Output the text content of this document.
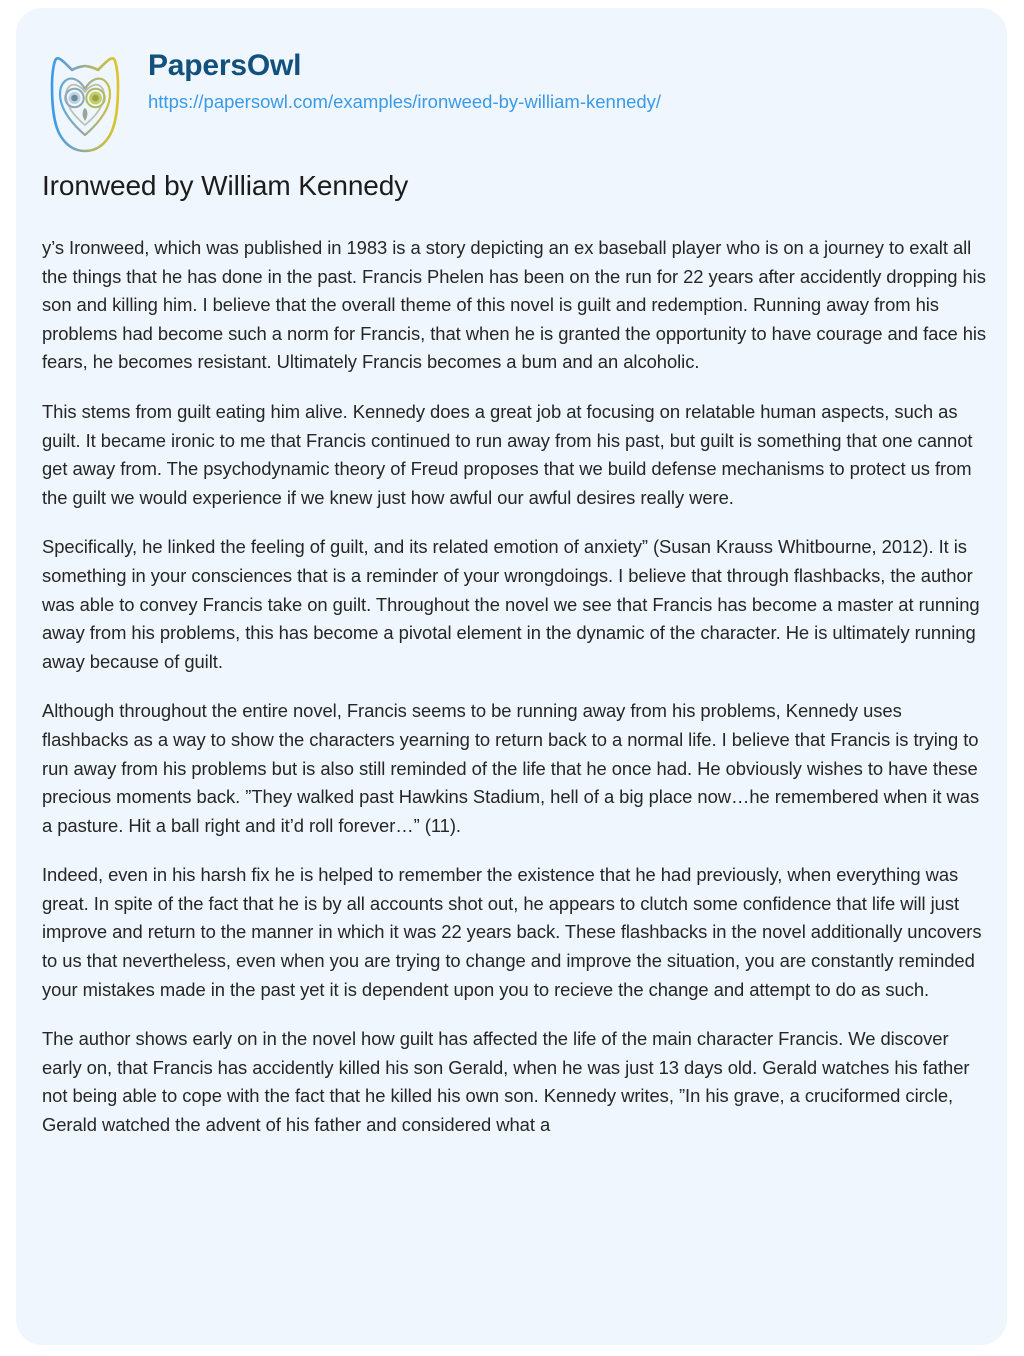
PapersOwl
https://papersowl.com/examples/ironweed-by-william-kennedy/
Ironweed by William Kennedy

y’s Ironweed, which was published in 1983 is a story depicting an ex baseball player who is on a journey to exalt all the things that he has done in the past. Francis Phelen has been on the run for 22 years after accidently dropping his son and killing him. I believe that the overall theme of this novel is guilt and redemption. Running away from his problems had become such a norm for Francis, that when he is granted the opportunity to have courage and face his fears, he becomes resistant. Ultimately Francis becomes a bum and an alcoholic.

This stems from guilt eating him alive. Kennedy does a great job at focusing on relatable human aspects, such as guilt. It became ironic to me that Francis continued to run away from his past, but guilt is something that one cannot get away from. The psychodynamic theory of Freud proposes that we build defense mechanisms to protect us from the guilt we would experience if we knew just how awful our awful desires really were.

Specifically, he linked the feeling of guilt, and its related emotion of anxiety” (Susan Krauss Whitbourne, 2012). It is something in your consciences that is a reminder of your wrongdoings. I believe that through flashbacks, the author was able to convey Francis take on guilt. Throughout the novel we see that Francis has become a master at running away from his problems, this has become a pivotal element in the dynamic of the character. He is ultimately running away because of guilt.

Although throughout the entire novel, Francis seems to be running away from his problems, Kennedy uses flashbacks as a way to show the characters yearning to return back to a normal life. I believe that Francis is trying to run away from his problems but is also still reminded of the life that he once had. He obviously wishes to have these precious moments back. ”They walked past Hawkins Stadium, hell of a big place now…he remembered when it was a pasture. Hit a ball right and it’d roll forever…” (11).

Indeed, even in his harsh fix he is helped to remember the existence that he had previously, when everything was great. In spite of the fact that he is by all accounts shot out, he appears to clutch some confidence that life will just improve and return to the manner in which it was 22 years back. These flashbacks in the novel additionally uncovers to us that nevertheless, even when you are trying to change and improve the situation, you are constantly reminded your mistakes made in the past yet it is dependent upon you to recieve the change and attempt to do as such.

The author shows early on in the novel how guilt has affected the life of the main character Francis. We discover early on, that Francis has accidently killed his son Gerald, when he was just 13 days old. Gerald watches his father not being able to cope with the fact that he killed his own son. Kennedy writes, ”In his grave, a cruciformed circle, Gerald watched the advent of his father and considered what a
